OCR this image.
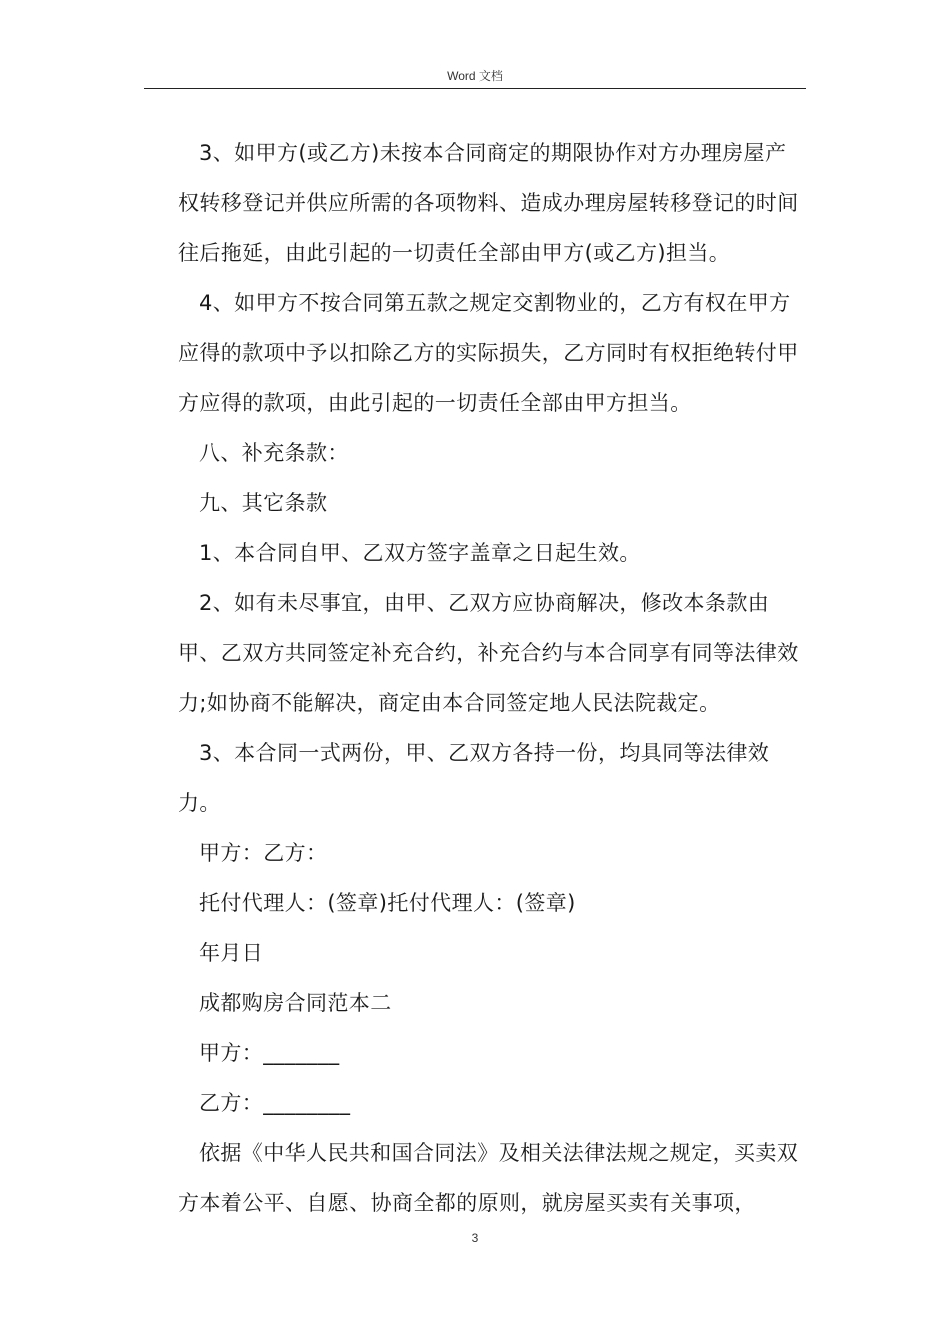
Word 文档

3、如甲方(或乙方)未按本合同商定的期限协作对方办理房屋产权转移登记并供应所需的各项物料、造成办理房屋转移登记的时间往后拖延，由此引起的一切责任全部由甲方(或乙方)担当。

4、如甲方不按合同第五款之规定交割物业的，乙方有权在甲方应得的款项中予以扣除乙方的实际损失，乙方同时有权拒绝转付甲方应得的款项，由此引起的一切责任全部由甲方担当。

八、补充条款：

九、其它条款

1、本合同自甲、乙双方签字盖章之日起生效。

2、如有未尽事宜，由甲、乙双方应协商解决，修改本条款由甲、乙双方共同签定补充合约，补充合约与本合同享有同等法律效力;如协商不能解决，商定由本合同签定地人民法院裁定。

3、本合同一式两份，甲、乙双方各持一份，均具同等法律效力。

甲方：乙方：

托付代理人：(签章)托付代理人：(签章)

年月日

成都购房合同范本二

甲方：_______

乙方：________

依据《中华人民共和国合同法》及相关法律法规之规定，买卖双方本着公平、自愿、协商全都的原则，就房屋买卖有关事项，

3
